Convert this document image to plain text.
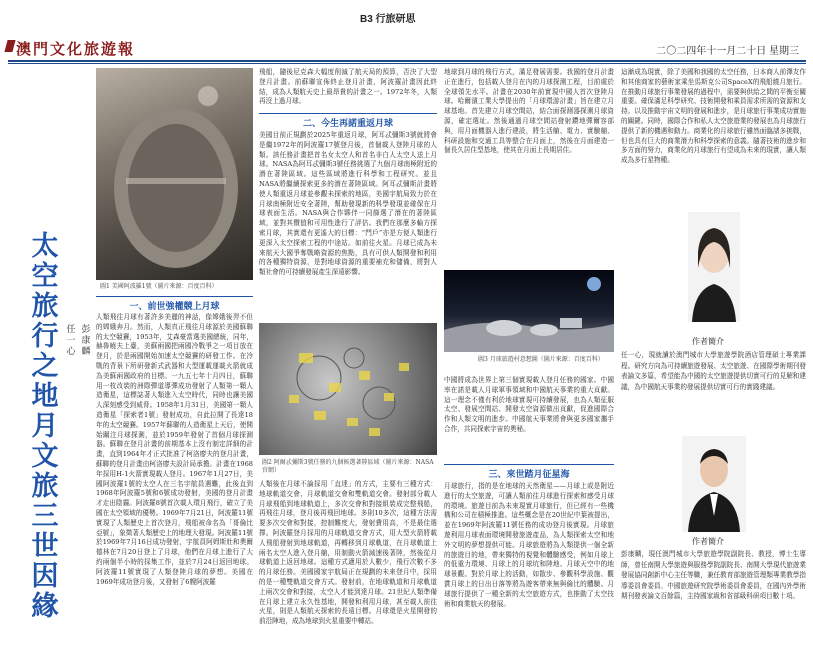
澳門文化旅遊報
B3 行旅研思
二〇二四年十一月二十日 星期三
太空旅行之地月文旅三世因緣
任一心
彭康麟
圖1 美國阿波羅1號（圖片來源：百度百科）
一、前世強權競上月球
人類飛往月球有著許多美麗的神話，像嫦娥後羿不但的嫦娥奔月。然而，人類真正飛往月球源於美國蘇聯的太空競賽，1953年，艾森豪當選美國總統，同年，赫魯曉夫上臺，美蘇兩國把兩國冷戰爭之一項目放在登月，於是兩國開始加速太空競賽的研發工作。在冷戰的背景下所研發新式武器和大型運載運載火箭就成為美蘇兩國政府的目標。一九五七年十月四日，蘇聯用一枚改裝的洲際彈道導彈成功發射了人類第一顆人造衛星，這標誌著人類進入太空時代，同時也讓美國人深刻感受到威脅。1958年1月31日，美國第一顆人造衛星「探索者1號」發射成功，自此拉開了長達18年的太空競賽。1957年蘇聯的人造衛星上天后，使開始關注月球探測，並於1959年發射了首個月球探測器。蘇聯在登月計畫的前期基本上沒有制定詳細的計畫，直到1964年才正式批准了柯洛廖夫的登月計畫，蘇聯的登月計畫由柯洛廖夫設計局承擔。計畫在1968年採用H-1火箭實現載人登月。1967年1月27日，美國阿波羅1號的太空人在三名宇航員遇難，此後直到1968年阿波羅5號和6號成功發射，美國的登月計畫才走出陰霾。阿波羅8號首次載人環月飛行，確立了美國在太空領域的優勢。1969年7月21日，阿波羅11號實現了人類歷史上首次登月，飛船被命名為「哥倫比亞號」，象徵著人類歷史上的地理大發現。阿波羅11號於1969年7月16日成功發射，宇航員阿姆斯壯和奧爾德林在7月20日登上了月球，他們在月球上進行了大約兩個半小時的採集工作，並於7月24日返回地球。阿波羅11號實現了人類登陸月球的夢想。美國在1969年成功登月後，又發射了6艘阿波羅
飛船，隨後尼克森大幅度削減了航天局的預算，否決了大型登月計畫。前蘇聯宣佈終止登月計畫，阿波羅計畫因此終結，成為人類航天史上最昂貴的計畫之一。1972年冬，人類再沒上過月球。
二、今生再諾重返月球
美國目前正規劃於2025年重返月球，阿耳忒彌斯3號就將會是繼1972年的阿波羅17號登月後，首個載人登陸月球的人類。該任務計畫把首名女太空人和首名非白人太空人送上月球。NASA為阿耳忒彌斯3號任務挑選了九個月球南極附近的潛在著陸區域。這些區域將進行科學和工程研究。並且NASA將繼續探索更多的潛在著陸區域。阿耳忒彌斯計畫將使人類重返月球並參觀未探索的地區，美國宇航局致力於在月球南極附近安全著陸，幫助發現新的科學發現並確保在月球表面生活。NASA與合作夥伴一同篩選了潛在的著陸區域，並對其價值和可用性進行了評估。我們在那麼多輪方探索月球，其實還有更遙大的目標：“門戶”亦是方便人類進行更深入太空探索工程的中途站。如前往火星。月球已成為未來航天大國爭奪戰略資源的焦點，具有可供人類開發和利用的各種獨特資源，是對地球資源的重要補充和儲備，將對人類社會的可持續發展產生深遠影響。
圖2 阿爾忒彌斯3號任務的九個候選著陸區域（圖片來源：NASA官網）
人類後在月球不論採用「直達」的方式，主要有三種方式：地球軌道交會、月球軌道交會和雙軌道交會。發射部分載人月球飛船到地球軌道上，多次交會和對接組裝成完整飛船，再飛往月球，登月後再飛回地球。多則10多次，這種方法需要多次交會和對接，控制難度大，發射費用高，不是最佳選擇。阿波羅登月採用的月球軌道交會方式，用大型火箭將載人飛船發射到地球軌道，再轉移到月球軌道，在月球軌道上兩名太空人進入登月艙，用制動火箭減速後著陸，然後從月球軌道上返回地球。這種方式適用於人數少，飛行次數不多的月球任務。美國國家宇航局正在規劃的未來登月中，採用的是一種雙軌道交會方式。發射前，在地球軌道和月球軌道上兩次交會和對接，太空人才能到達月球。21世紀人類準備在月球上建立永久性基地，開發和利用月球，甚至載人前往火星，則是人類航天探索的長遠目標。月球還是火星開發的前沿陣地，成為地球到火星重要中轉站。
地球到月球的飛行方式，滿足發展需要。我國的登月計畫正在進行，包括載人登月在內的月球探測工程，目前處於全球領先水平。計畫在2030年前實現中國人首次登陸月球。哈爾濱工業大學提出的「月球環游計畫」旨在建立月球基地。首先建立月球空間站，結合面探測器探測月球資源，確定選址。然後通過月球空間站發射鑽地彈爾容部與，用月面機器人進行建設，將生活艙、電力、實驗艙、科研設施和交通工具等整合在月面上，然後在月面建造一個長久居住型基地，使其在月面上長期居住。
圖3 月球旅遊村意想圖（圖片來源：百度百科）
中國將成為世界上第三個實現載人登月任務的國家。中國率在諾是載人月球軍事領域和中國航天事業的重大貢獻。這一理念不僅有利於地球實現可持續發展，也為人類征服太空、發展空間站、開發太空資源做出貢獻，促進國際合作和人類文明的進步。中國航天事業將會與更多國家攜手合作，共同探索宇宙的奧秘。
三、來世踏月征星海
月球旅行，指的是在地球的天然衛星——月球上或是附近進行的太空旅遊，可讓人類前往月球進行探索和感受月球的環境。旅遊目前為未來現實月球旅行，但已經有一些機構和公司在積極推進。這些概念是在20世紀中葉被提出，並在1969年阿波羅11號任務的成功登月後實現。月球旅遊利用月球表面環境開發旅遊產品，為人類探索太空和地外文明的夢想提供可能。月球旅遊將為人類提供一個全新的旅遊目的地，帶來獨特的視覺和體驗感受，例如月球上的低重力環境、月球上的月球坑和陸地、月球天空中的地球景觀。對於月球上的活動，如散步、參觀科學設施、觀賞月球上的日出日落等將為遊客帶來無與倫比的體驗。月球旅行提供了一種全新的太空旅遊方式，也推動了太空技術和商業航天的發展。
這漸成為現實，除了美國和我國的太空任務，日本商人前澤友作和其他商家的藝術家乘坐馬斯克公司SpaceX的飛船繞月旅行。在推動月球旅行事業發展的過程中，需要與供給之間的平衡至關重要。確保滿足科學研究、技術開發和乘員需求所需的資源和支持。以及推動宇宙文明的發展和進步，是月球旅行事業成功實施的關鍵。同時，國際合作和私人太空旅遊業的發展也為月球旅行提供了新的機遇和動力。商業化的月球旅行雖然面臨諸多挑戰，但也具有巨大的商業潛力和科學探索的意義。隨著技術的進步和多方面的努力，商業化的月球旅行有望成為未來的現實，讓人類成為多行星物種。
作者簡介
任一心，現就讀於澳門城市大學旅遊學院酒店管理碩士專業課程。研究方向為可持續旅遊發展、太空旅遊、在國際學術期刊發表論文多篇，希望能為中國的太空旅遊提供切實可行的見解和建議，為中國航天事業的發展提供切實可行的實踐建議。
作者簡介
彭康麟，現任澳門城市大學旅遊學院副院長、教授，博士生導師，曾任南開大學旅遊與服務學院副院長、南開大學現代旅遊業發展協同創新中心主任等職，兼任教育部旅遊管理類專業教學指導委員會委員、中國旅遊研究院學術委員會委員，在國內外學術期刊發表論文百餘篇，主持國家級和省部級科研項目數十項。
